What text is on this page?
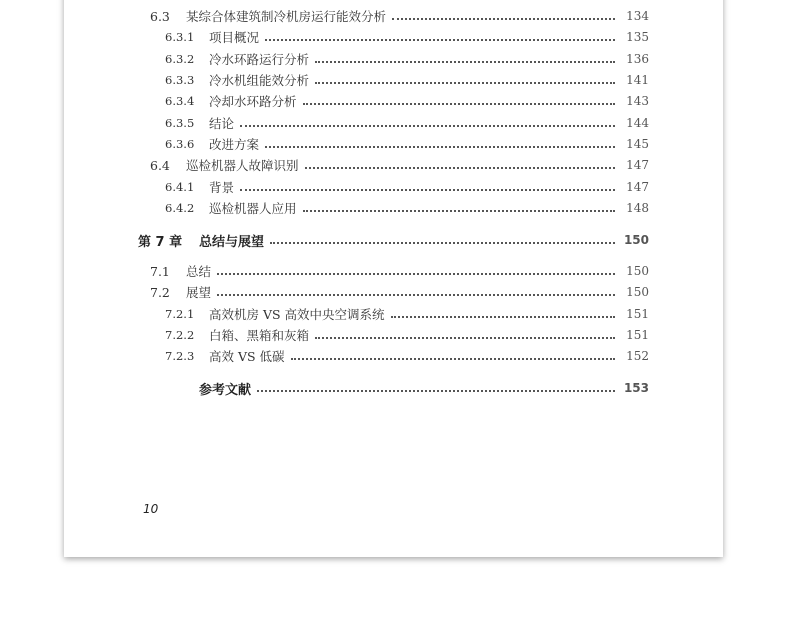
6.3	某综合体建筑制冷机房运行能效分析	134
6.3.1	项目概况	135
6.3.2	冷水环路运行分析	136
6.3.3	冷水机组能效分析	141
6.3.4	冷却水环路分析	143
6.3.5	结论	144
6.3.6	改进方案	145
6.4	巡检机器人故障识别	147
6.4.1	背景	147
6.4.2	巡检机器人应用	148
第 7 章	总结与展望	150
7.1	总结	150
7.2	展望	150
7.2.1	高效机房 VS 高效中央空调系统	151
7.2.2	白箱、黑箱和灰箱	151
7.2.3	高效 VS 低碳	152
参考文献	153
10
